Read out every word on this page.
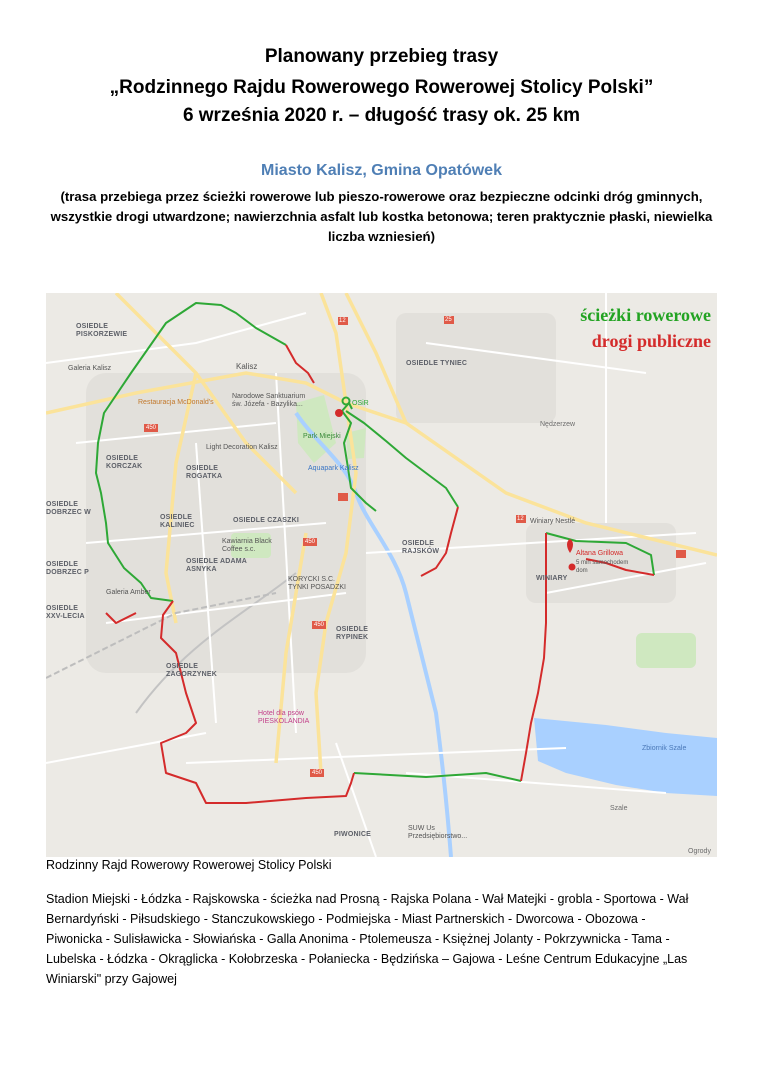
Planowany przebieg trasy
„Rodzinnego Rajdu Rowerowego Rowerowej Stolicy Polski”
6 września 2020 r. – długość trasy ok. 25 km
Miasto Kalisz, Gmina Opatówek
(trasa przebiega przez ścieżki rowerowe lub pieszo-rowerowe oraz bezpieczne odcinki dróg gminnych, wszystkie drogi utwardzone; nawierzchnia asfalt lub kostka betonowa; teren praktycznie płaski, niewielka liczba wzniesień)
12	25
450
12
450
450
450
ścieżki rowerowe
drogi publiczne
OSIEDLE
PISKORZEWIE
Galeria Kalisz	Kalisz
Restauracja McDonald's
Narodowe Sanktuarium
św. Józefa - Bazylika...	OSiR
OSIEDLE TYNIEC
Nędzerzew
Light Decoration Kalisz
Park Miejski
OSIEDLE
KORCZAK	OSIEDLE
ROGATKA
Aquapark Kalisz
OSIEDLE CZASZKI
OSIEDLE
DOBRZEC W
OSIEDLE
KALINIEC
Kawiarnia Black
Coffee s.c.
OSIEDLE
RAJSKÓW
Winiary Nestlé
Altana Grillowa
5 min samochodem
dom
WINIARY
OSIEDLE
DOBRZEC P
OSIEDLE ADAMA
ASNYKA
KORYCKI S.C.
TYNKI POSADZKI
Galeria Amber
OSIEDLE
XXV-LECIA
OSIEDLE
RYPINEK
OSIEDLE
ZAGORZYNEK
Hotel dla psów
PIESKOLANDIA
Zbiornik Szale
Szale
PIWONICE
SUW Us
Przedsiębiorstwo...
Ogrody
Rodzinny Rajd Rowerowy Rowerowej Stolicy Polski
Stadion Miejski - Łódzka - Rajskowska - ścieżka nad Prosną - Rajska Polana - Wał Matejki - grobla - Sportowa - Wał
Bernardyński - Piłsudskiego - Stanczukowskiego - Podmiejska - Miast Partnerskich - Dworcowa - Obozowa -
Piwonicka - Sulisławicka - Słowiańska - Galla Anonima - Ptolemeusza - Księżnej Jolanty - Pokrzywnicka - Tama -
Lubelska - Łódzka - Okrąglicka - Kołobrzeska - Połaniecka - Będzińska – Gajowa - Leśne Centrum Edukacyjne „Las
Winiarski" przy Gajowej
